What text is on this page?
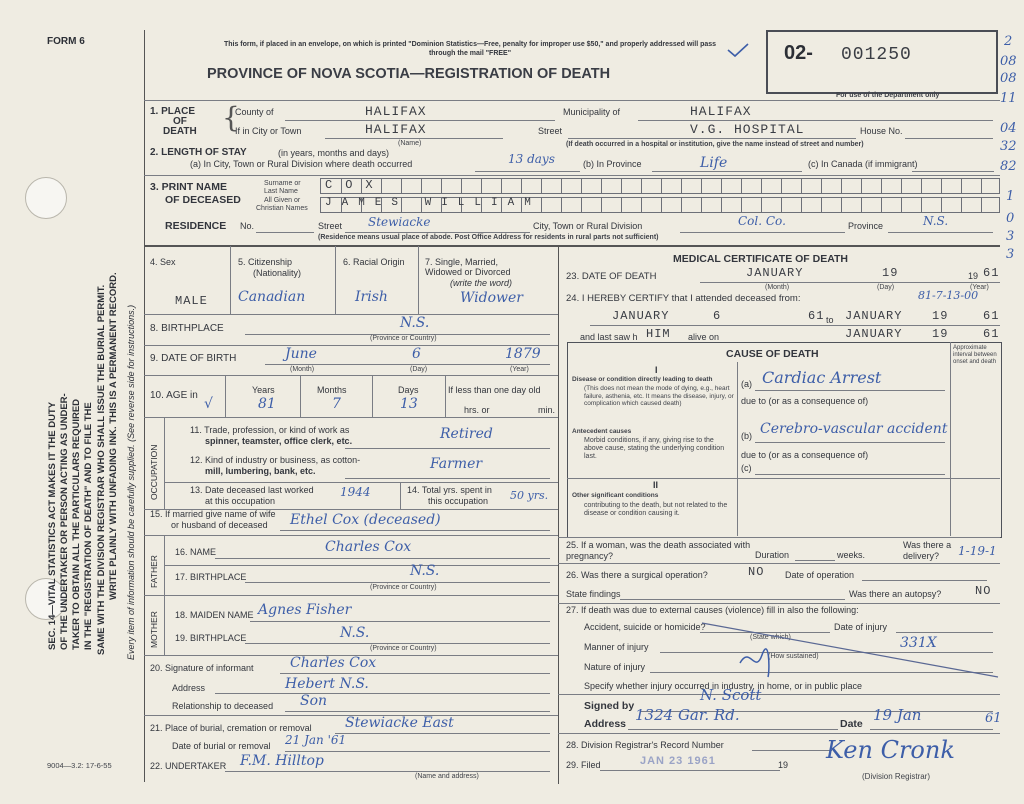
FORM 6	This form, if placed in an envelope, on which is printed "Dominion Statistics—Free, penalty for improper use $50," and properly addressed will pass through the mail "FREE"
PROVINCE OF NOVA SCOTIA—REGISTRATION OF DEATH
02- 001250
For use of the Department only
SEC. 14—VITAL STATISTICS ACT MAKES IT THE DUTY OF THE UNDERTAKER OR PERSON ACTING AS UNDER- TAKER TO OBTAIN ALL THE PARTICULARS REQUIRED IN THE "REGISTRATION OF DEATH" AND TO FILE THE SAME WITH THE DIVISION REGISTRAR WHO SHALL ISSUE THE BURIAL PERMIT. WRITE PLAINLY WITH UNFADING INK. THIS IS A PERMANENT RECORD. Every item of information should be carefully supplied. (See reverse side for instructions.)
9004—3.2: 17-6-55
2
08
08
11
04
32
82
1
0
3
3
1. PLACE
OF
DEATH {
County of	HALIFAX	Municipality of	HALIFAX
If in City or Town	HALIFAX
(Name)
Street	V.G. HOSPITAL	House No.
(If death occurred in a hospital or institution, give the name instead of street and number)
2. LENGTH OF STAY	(in years, months and days)
(a) In City, Town or Rural Division where death occurred	13 days	(b) In Province	Life	(c) In Canada (if immigrant)
3. PRINT NAME
OF DECEASED
Surname or
Last Name
All Given or
Christian Names
COX
JAMES WILLIAM
RESIDENCE No.	Street Stewiacke	City, Town or Rural Division	Col. Co.	Province	N.S.
(Residence means usual place of abode. Post Office Address for residents in rural parts not sufficient)
4. Sex
MALE
5. Citizenship
(Nationality)
Canadian
6. Racial Origin
Irish
7. Single, Married,
Widowed or Divorced
(write the word)
Widower
8. BIRTHPLACE	N.S.
(Province or Country)
9. DATE OF BIRTH	June	6	1879
(Month)	(Day)	(Year)
10. AGE in
√
Years	Months	Days
81	7	13
If less than one day old
hrs. or	min.
OCCUPATION
11. Trade, profession, or kind of work as
spinner, teamster, office clerk, etc.	Retired
12. Kind of industry or business, as cotton-
mill, lumbering, bank, etc.	Farmer
13. Date deceased last worked
at this occupation
1944	14. Total yrs. spent in
this occupation 50 yrs.
15. If married give name of wife
or husband of deceased Ethel Cox (deceased)
FATHER
16. NAME	Charles Cox
17. BIRTHPLACE	N.S.
(Province or Country)
MOTHER 18. MAIDEN NAME Agnes Fisher
19. BIRTHPLACE	N.S.
(Province or Country)
20. Signature of informant	Charles Cox
Address	Hebert N.S.
Relationship to deceased Son
21. Place of burial, cremation or removal Stewiacke East
Date of burial or removal 21 Jan '61
22. UNDERTAKER F.M. Hilltop
(Name and address)
MEDICAL CERTIFICATE OF DEATH
23. DATE OF DEATH	JANUARY	19	19 61
(Month)	(Day)	(Year)
24. I HEREBY CERTIFY that I attended deceased from:	81-7-13-00
JANUARY	6	61 to JANUARY 19	61
and last saw h HIM alive on	JANUARY 19	61
CAUSE OF DEATH	Approximate interval between onset and death
I
Disease or condition directly leading to death
(This does not mean the mode of dying, e.g., heart failure, asthenia, etc. It means the disease, injury, or complication which caused death)
(a) Cardiac Arrest
due to (or as a consequence of)
Antecedent causes
Morbid conditions, if any, giving rise to the above cause, stating the underlying condition last.
(b) Cerebro-vascular accident
due to (or as a consequence of)
(c)
II
Other significant conditions
contributing to the death, but not related to the disease or condition causing it.
25. If a woman, was the death associated with pregnancy?	Duration	weeks.
Was there a delivery?	1-19-1
26. Was there a surgical operation?	NO Date of operation
State findings	Was there an autopsy?	NO
27. If death was due to external causes (violence) fill in also the following:
Accident, suicide or homicide?
(State which)
Date of injury
Manner of injury
(How sustained)
331X
Nature of injury
Specify whether injury occurred in industry, in home, or in public place
Signed by
N. Scott
Address 1324 Gar. Rd.	Date 19 Jan	61
28. Division Registrar's Record Number
29. Filed	JAN 23 1961	19
Ken Cronk
(Division Registrar)
